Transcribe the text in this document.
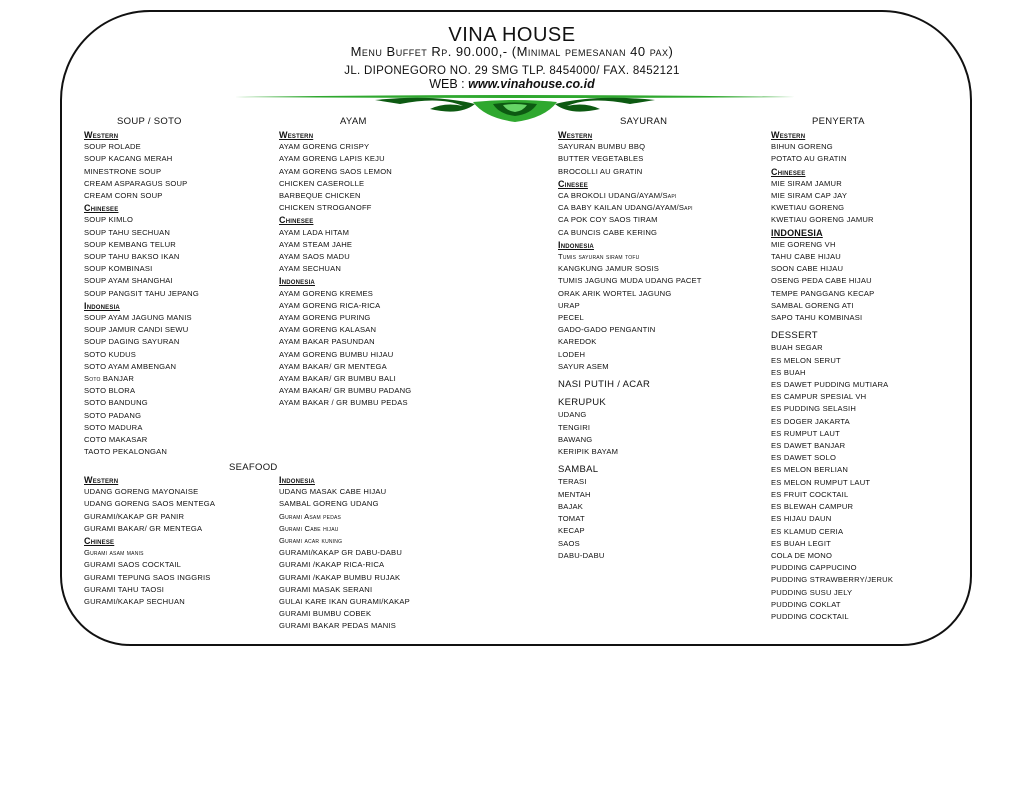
VINA HOUSE
Menu Buffet Rp. 90.000,- (Minimal pemesanan 40 pax)
JL. DIPONEGORO NO. 29 SMG TLP. 8454000/ FAX. 8452121
WEB : www.vinahouse.co.id
SOUP / SOTO	AYAM	SAYURAN	PENYERTA
Western
SOUP ROLADE
SOUP KACANG MERAH
MINESTRONE SOUP
CREAM ASPARAGUS SOUP
CREAM CORN SOUP
Chinesee
SOUP KIMLO
SOUP TAHU SECHUAN
SOUP KEMBANG TELUR
SOUP TAHU BAKSO IKAN
SOUP KOMBINASI
SOUP AYAM SHANGHAI
SOUP PANGSIT TAHU JEPANG
Indonesia
SOUP AYAM JAGUNG MANIS
SOUP JAMUR CANDI SEWU
SOUP DAGING SAYURAN
SOTO KUDUS
SOTO AYAM AMBENGAN
Soto BANJAR
SOTO BLORA
SOTO BANDUNG
SOTO PADANG
SOTO MADURA
COTO MAKASAR
TAOTO PEKALONGAN
Western
AYAM GORENG CRISPY
AYAM GORENG LAPIS KEJU
AYAM GORENG SAOS LEMON
CHICKEN CASEROLLE
BARBEQUE CHICKEN
CHICKEN STROGANOFF
Chinesee
AYAM LADA HITAM
AYAM STEAM JAHE
AYAM SAOS MADU
AYAM SECHUAN
Indonesia
AYAM GORENG KREMES
AYAM GORENG RICA-RICA
AYAM GORENG PURING
AYAM GORENG KALASAN
AYAM BAKAR PASUNDAN
AYAM GORENG BUMBU HIJAU
AYAM BAKAR/ GR MENTEGA
AYAM BAKAR/ GR BUMBU BALI
AYAM BAKAR/ GR BUMBU PADANG
AYAM BAKAR / GR BUMBU PEDAS
Western
SAYURAN BUMBU BBQ
BUTTER VEGETABLES
BROCOLLI AU GRATIN
Cinesee
CA BROKOLI UDANG/AYAM/Sapi
CA BABY KAILAN UDANG/AYAM/Sapi
CA POK COY SAOS TIRAM
CA BUNCIS CABE KERING
Indonesia
Tumis sayuran siram tofu
KANGKUNG JAMUR SOSIS
TUMIS JAGUNG MUDA UDANG PACET
ORAK ARIK WORTEL JAGUNG
URAP
PECEL
GADO-GADO PENGANTIN
KAREDOK
LODEH
SAYUR ASEM
NASI PUTIH / ACAR
KERUPUK
UDANG
TENGIRI
BAWANG
KERIPIK BAYAM
SAMBAL
TERASI
MENTAH
BAJAK
TOMAT
KECAP
SAOS
DABU-DABU
Western
BIHUN GORENG
POTATO AU GRATIN
Chinesee
MIE SIRAM JAMUR
MIE SIRAM CAP JAY
KWETIAU GORENG
KWETIAU GORENG JAMUR
INDONESIA
MIE GORENG VH
TAHU CABE HIJAU
SOON CABE HIJAU
OSENG PEDA CABE HIJAU
TEMPE PANGGANG KECAP
SAMBAL GORENG ATI
SAPO TAHU KOMBINASI
DESSERT
BUAH SEGAR
ES MELON SERUT
ES BUAH
ES DAWET PUDDING MUTIARA
ES CAMPUR SPESIAL VH
ES PUDDING SELASIH
ES DOGER JAKARTA
ES RUMPUT LAUT
ES DAWET BANJAR
ES DAWET SOLO
ES MELON BERLIAN
ES MELON RUMPUT LAUT
ES FRUIT COCKTAIL
ES BLEWAH CAMPUR
ES HIJAU DAUN
ES KLAMUD CERIA
ES BUAH LEGIT
COLA DE MONO
PUDDING CAPPUCINO
PUDDING STRAWBERRY/JERUK
PUDDING SUSU JELY
PUDDING COKLAT
PUDDING COCKTAIL
SEAFOOD
Western
UDANG GORENG MAYONAISE
UDANG GORENG SAOS MENTEGA
GURAMI/KAKAP GR PANIR
GURAMI BAKAR/ GR MENTEGA
Chinese
Gurami asam manis
GURAMI SAOS COCKTAIL
GURAMI TEPUNG SAOS INGGRIS
GURAMI TAHU TAOSI
GURAMI/KAKAP SECHUAN
Indonesia
UDANG MASAK CABE HIJAU
SAMBAL GORENG UDANG
Gurami Asam pedas
Gurami Cabe hijau
Gurami acar kuning
GURAMI/KAKAP GR DABU-DABU
GURAMI /KAKAP RICA-RICA
GURAMI /KAKAP BUMBU RUJAK
GURAMI MASAK SERANI
GULAI KARE IKAN GURAMI/KAKAP
GURAMI BUMBU COBEK
GURAMI BAKAR PEDAS MANIS
